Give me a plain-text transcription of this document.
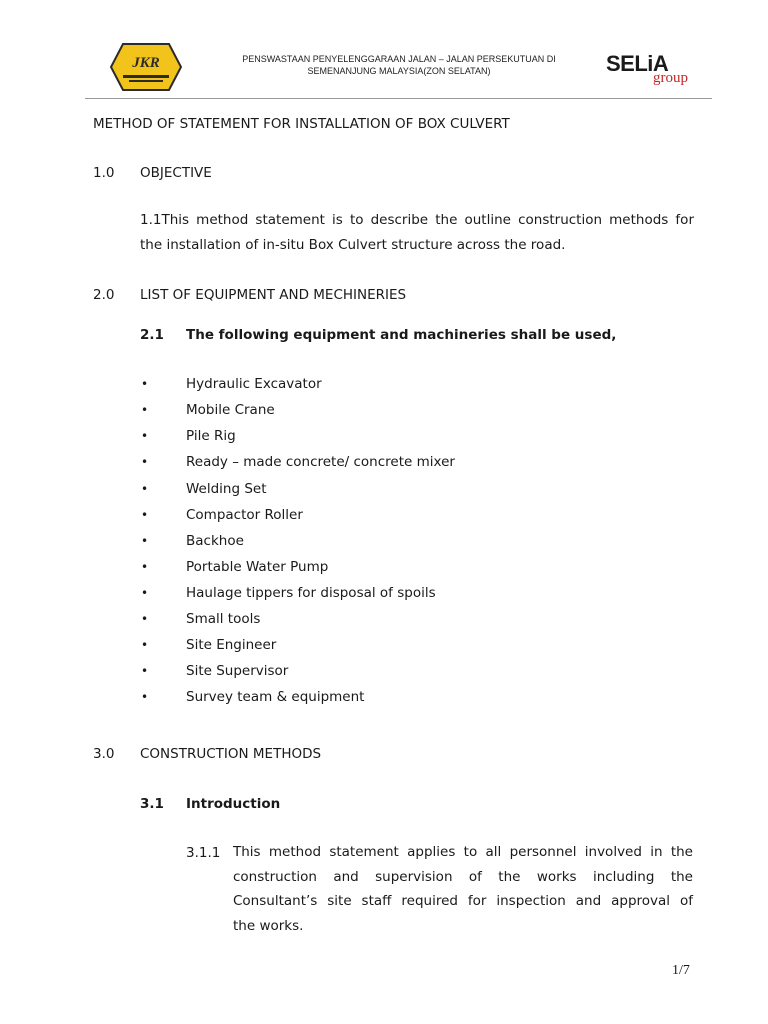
JKR	PENSWASTAAN PENYELENGGARAAN JALAN – JALAN PERSEKUTUAN DI
SEMENANJUNG MALAYSIA(ZON SELATAN)	SELiA
group
METHOD OF STATEMENT FOR INSTALLATION OF BOX CULVERT
1.0 OBJECTIVE
1.1This method statement is to describe the outline construction methods for
the installation of in-situ Box Culvert structure across the road.
2.0 LIST OF EQUIPMENT AND MECHINERIES
2.1 The following equipment and machineries shall be used,
•	Hydraulic Excavator
•	Mobile Crane
•	Pile Rig
•	Ready – made concrete/ concrete mixer
•	Welding Set
•	Compactor Roller
•	Backhoe
•	Portable Water Pump
•	Haulage tippers for disposal of spoils
•	Small tools
•	Site Engineer
•	Site Supervisor
•	Survey team & equipment
3.0 CONSTRUCTION METHODS
3.1 Introduction
3.1.1 This method statement applies to all personnel involved in the
construction and supervision of the works including the
Consultant’s site staff required for inspection and approval of
the works.
1/7
